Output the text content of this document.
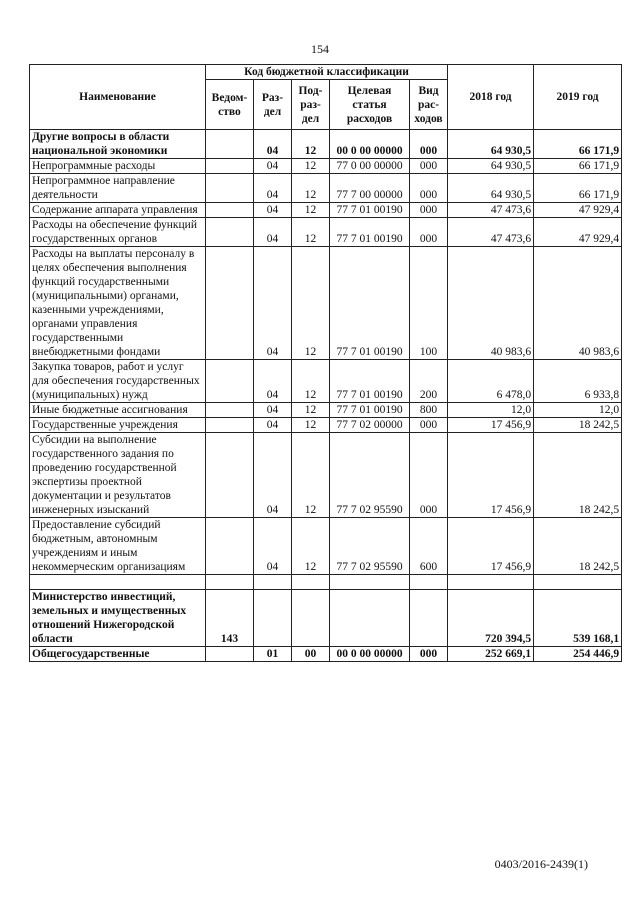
154
Наименование	Код бюджетной классификации					2018 год	2019 год
	Ведом- ство	Раз- дел	Под- раз- дел	Целевая статья расходов	Вид рас- ходов		
Другие вопросы в области национальной экономики		04	12	00 0 00 00000	000	64 930,5	66 171,9
Непрограммные расходы		04	12	77 0 00 00000	000	64 930,5	66 171,9
Непрограммное направление деятельности		04	12	77 7 00 00000	000	64 930,5	66 171,9
Содержание аппарата управления		04	12	77 7 01 00190	000	47 473,6	47 929,4
Расходы на обеспечение функций государственных органов		04	12	77 7 01 00190	000	47 473,6	47 929,4
Расходы на выплаты персоналу в целях обеспечения выполнения функций государственными (муниципальными) органами, казенными учреждениями, органами управления государственными внебюджетными фондами		04	12	77 7 01 00190	100	40 983,6	40 983,6
Закупка товаров, работ и услуг для обеспечения государственных (муниципальных) нужд		04	12	77 7 01 00190	200	6 478,0	6 933,8
Иные бюджетные ассигнования		04	12	77 7 01 00190	800	12,0	12,0
Государственные учреждения		04	12	77 7 02 00000	000	17 456,9	18 242,5
Субсидии на выполнение государственного задания по проведению государственной экспертизы проектной документации и результатов инженерных изысканий		04	12	77 7 02 95590	000	17 456,9	18 242,5
Предоставление субсидий бюджетным, автономным учреждениям и иным некоммерческим организациям		04	12	77 7 02 95590	600	17 456,9	18 242,5

Министерство инвестиций, земельных и имущественных отношений Нижегородской области	143					720 394,5	539 168,1
Общегосударственные		01	00	00 0 00 00000	000	252 669,1	254 446,9
0403/2016-2439(1)
